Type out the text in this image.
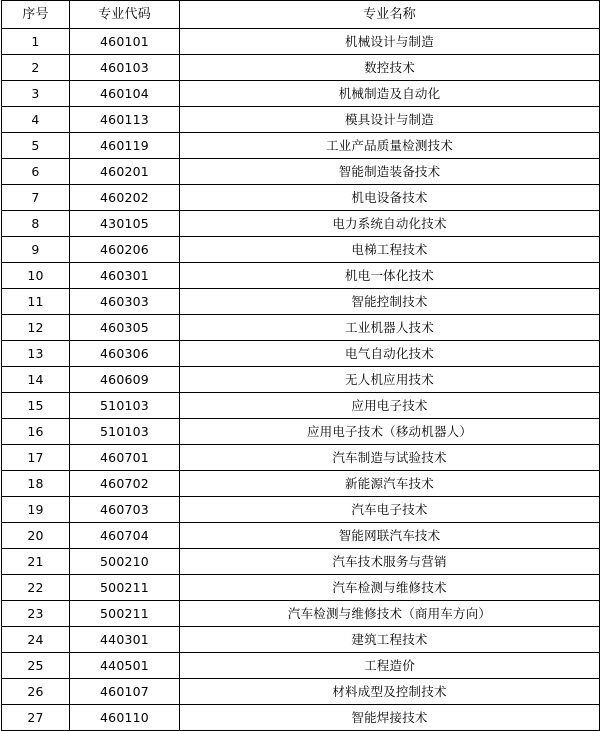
序号	专业代码	专业名称
1	460101	机械设计与制造
2	460103	数控技术
3	460104	机械制造及自动化
4	460113	模具设计与制造
5	460119	工业产品质量检测技术
6	460201	智能制造装备技术
7	460202	机电设备技术
8	430105	电力系统自动化技术
9	460206	电梯工程技术
10	460301	机电一体化技术
11	460303	智能控制技术
12	460305	工业机器人技术
13	460306	电气自动化技术
14	460609	无人机应用技术
15	510103	应用电子技术
16	510103	应用电子技术（移动机器人）
17	460701	汽车制造与试验技术
18	460702	新能源汽车技术
19	460703	汽车电子技术
20	460704	智能网联汽车技术
21	500210	汽车技术服务与营销
22	500211	汽车检测与维修技术
23	500211	汽车检测与维修技术（商用车方向）
24	440301	建筑工程技术
25	440501	工程造价
26	460107	材料成型及控制技术
27	460110	智能焊接技术
